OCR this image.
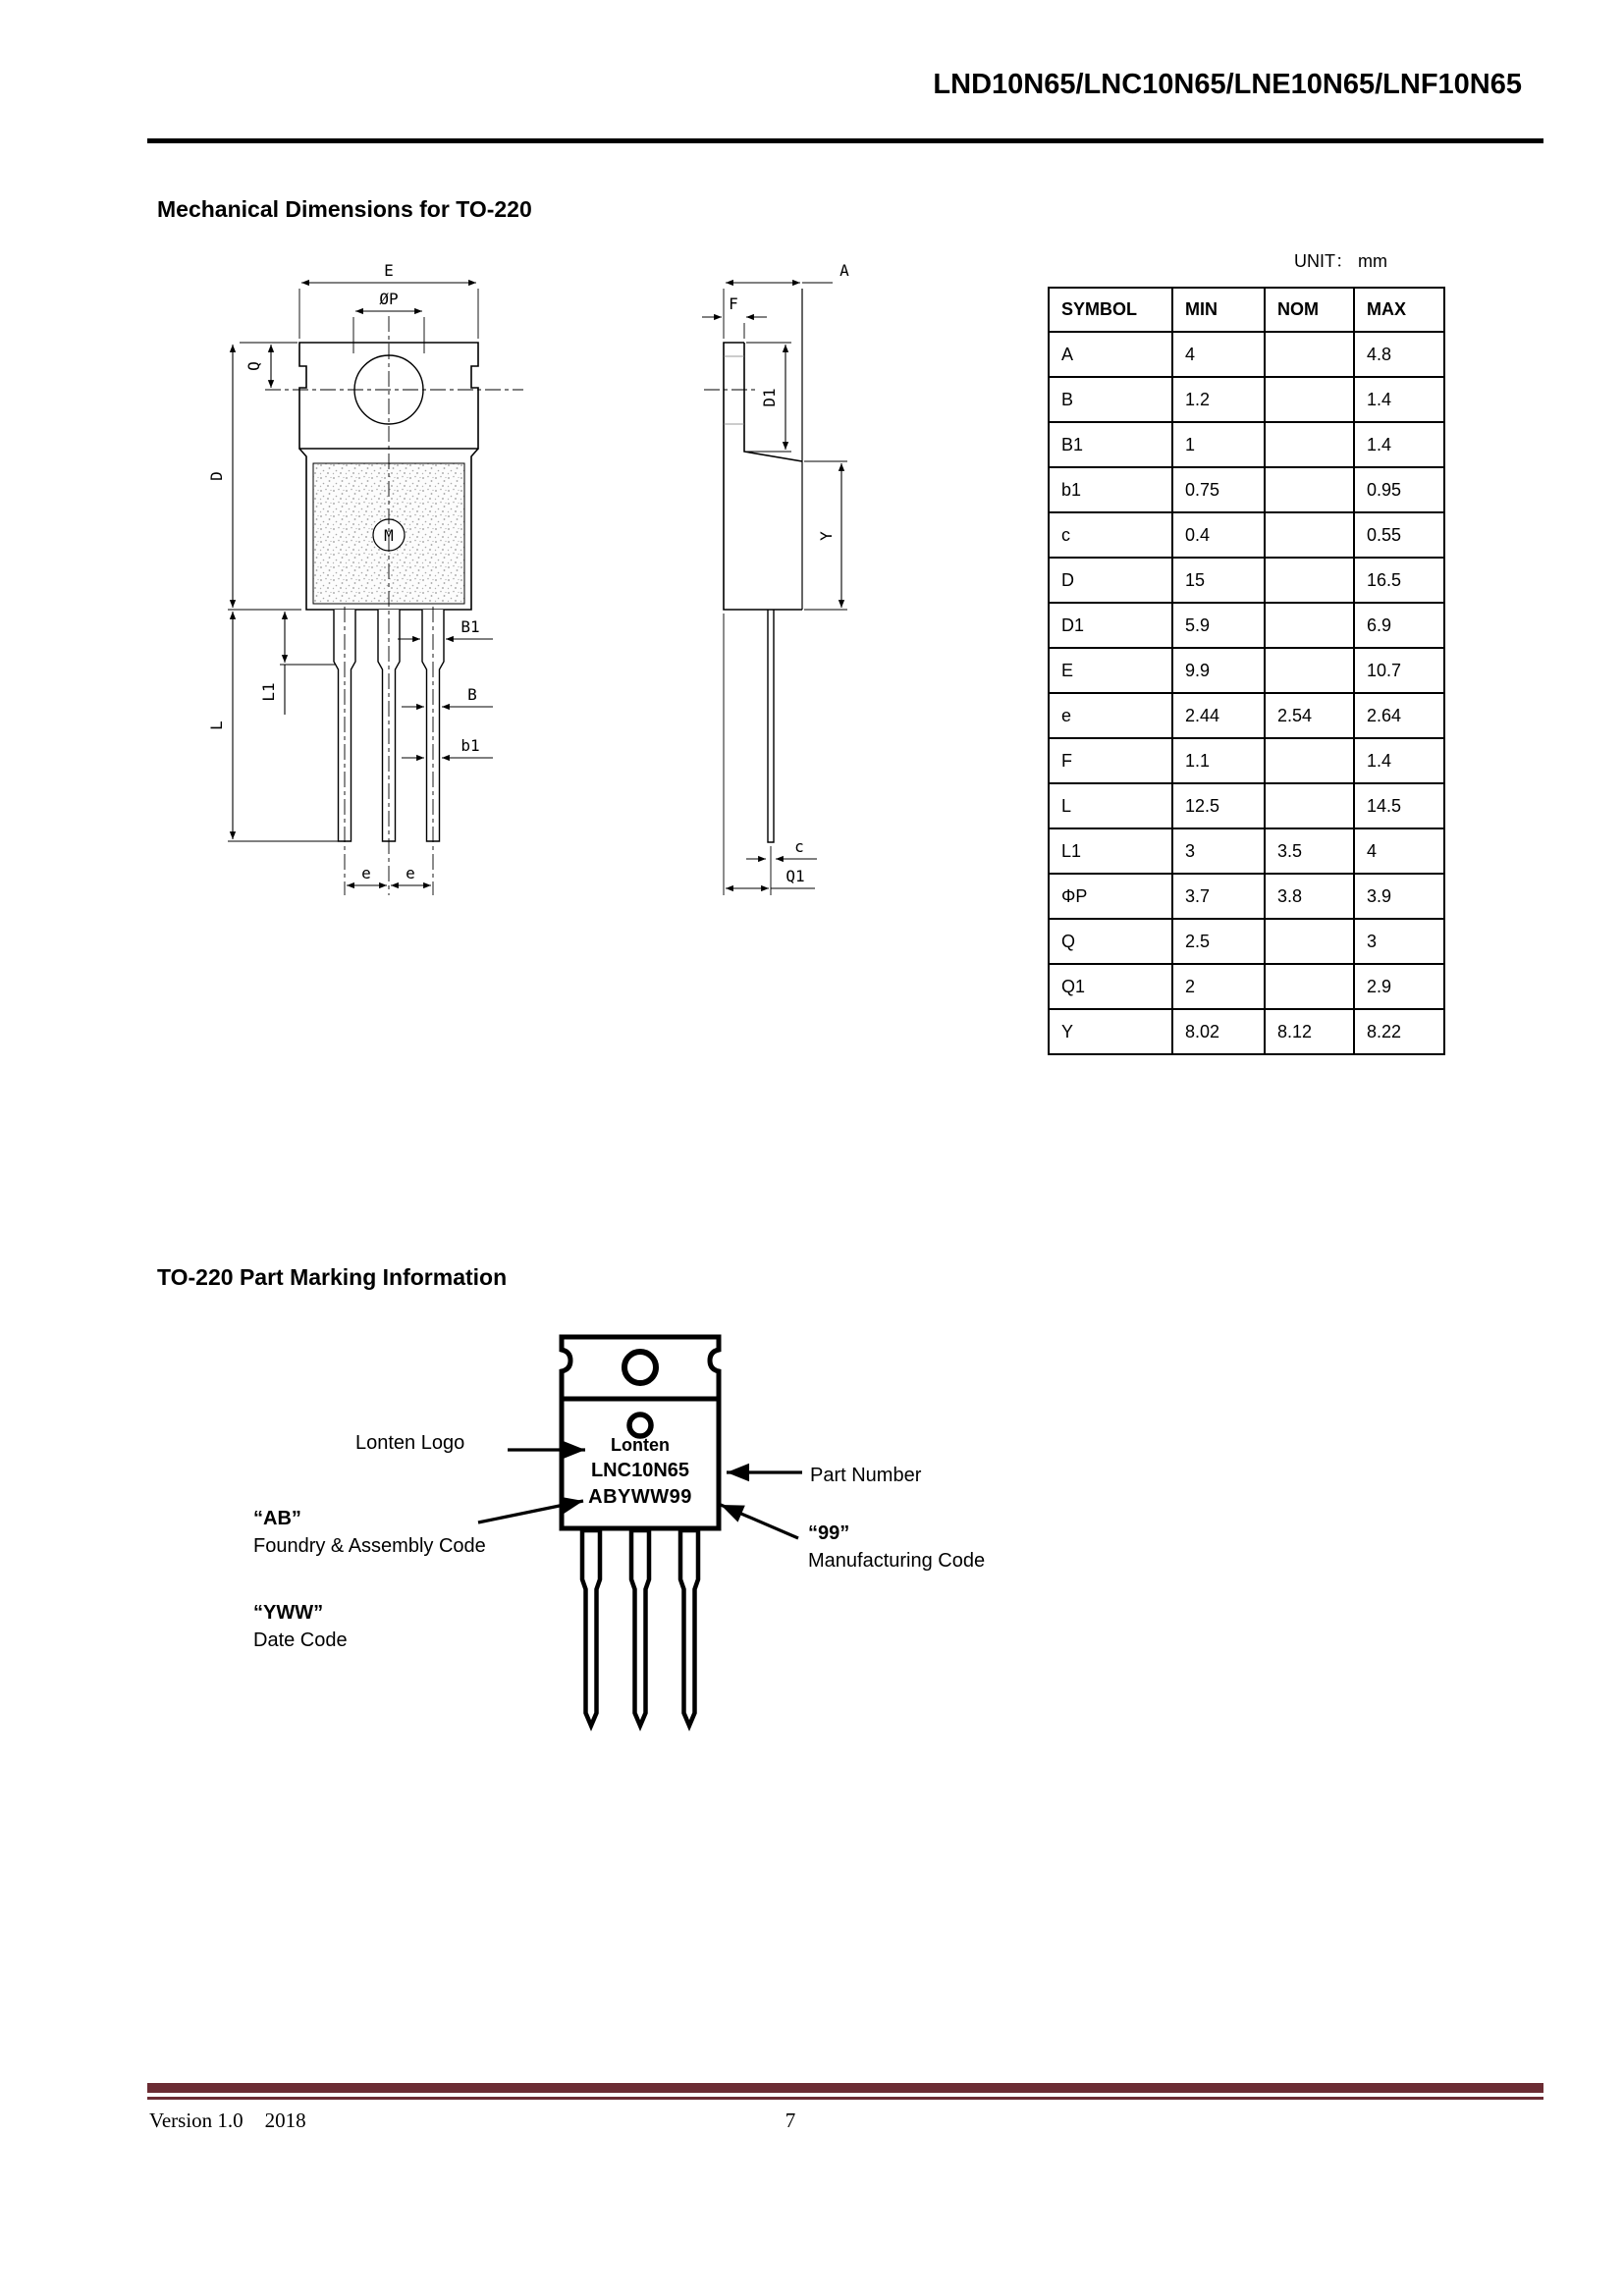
LND10N65/LNC10N65/LNE10N65/LNF10N65
Mechanical Dimensions for TO-220
E
ØP
Q
D
L
L1
B1
B
b1
e e
M
A
F
D1
Y
c
Q1
UNIT： mm
SYMBOL	MIN	NOM	MAX
A	4		4.8
B	1.2		1.4
B1	1		1.4
b1	0.75		0.95
c	0.4		0.55
D	15		16.5
D1	5.9		6.9
E	9.9		10.7
e	2.44	2.54	2.64
F	1.1		1.4
L	12.5		14.5
L1	3	3.5	4
ΦP	3.7	3.8	3.9
Q	2.5		3
Q1	2		2.9
Y	8.02	8.12	8.22
TO-220 Part Marking Information
Lonten
LNC10N65
ABYWW99
Lonten Logo
Part Number
“AB”
Foundry & Assembly Code
“99”
Manufacturing Code
“YWW”
Date Code
Version 1.0 2018	7
